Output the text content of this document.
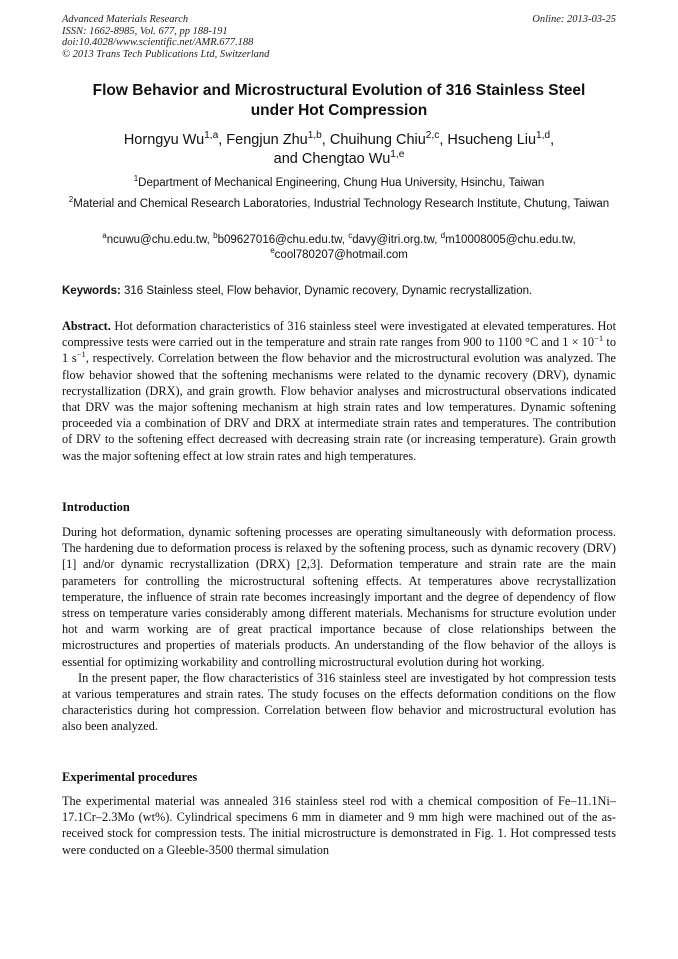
Advanced Materials Research
ISSN: 1662-8985, Vol. 677, pp 188-191
doi:10.4028/www.scientific.net/AMR.677.188
© 2013 Trans Tech Publications Ltd, Switzerland
Online: 2013-03-25
Flow Behavior and Microstructural Evolution of 316 Stainless Steel
under Hot Compression
Horngyu Wu$^{1,a}$, Fengjun Zhu$^{1,b}$, Chuihung Chiu$^{2,c}$, Hsucheng Liu$^{1,d}$,
and Chengtao Wu$^{1,e}$
$^1$Department of Mechanical Engineering, Chung Hua University, Hsinchu, Taiwan
$^2$Material and Chemical Research Laboratories, Industrial Technology Research Institute, Chutung, Taiwan
$^a$ncuwu@chu.edu.tw, $^b$b09627016@chu.edu.tw, $^c$davy@itri.org.tw, $^d$m10008005@chu.edu.tw,
$^e$cool780207@hotmail.com
Keywords: 316 Stainless steel, Flow behavior, Dynamic recovery, Dynamic recrystallization.

Abstract. Hot deformation characteristics of 316 stainless steel were investigated at elevated temperatures. Hot compressive tests were carried out in the temperature and strain rate ranges from 900 to 1100 °C and $1 \times 10^{-1}$ to 1 $s^{-1}$, respectively. Correlation between the flow behavior and the microstructural evolution was analyzed. The flow behavior showed that the softening mechanisms were related to the dynamic recovery (DRV), dynamic recrystallization (DRX), and grain growth. Flow behavior analyses and microstructural observations indicated that DRV was the major softening mechanism at high strain rates and low temperatures. Dynamic softening proceeded via a combination of DRV and DRX at intermediate strain rates and temperatures. The contribution of DRV to the softening effect decreased with decreasing strain rate (or increasing temperature). Grain growth was the major softening effect at low strain rates and high temperatures.

Introduction

During hot deformation, dynamic softening processes are operating simultaneously with deformation process. The hardening due to deformation process is relaxed by the softening process, such as dynamic recovery (DRV) [1] and/or dynamic recrystallization (DRX) [2,3]. Deformation temperature and strain rate are the main parameters for controlling the microstructural softening effects. At temperatures above recrystallization temperature, the influence of strain rate becomes increasingly important and the degree of dependency of flow stress on temperature varies considerably among different materials. Mechanisms for structure evolution under hot and warm working are of great practical importance because of close relationships between the microstructures and properties of materials products. An understanding of the flow behavior of the alloys is essential for optimizing workability and controlling microstructural evolution during hot working.

In the present paper, the flow characteristics of 316 stainless steel are investigated by hot compression tests at various temperatures and strain rates. The study focuses on the effects deformation conditions on the flow characteristics during hot compression. Correlation between flow behavior and microstructural evolution has also been analyzed.

Experimental procedures

The experimental material was annealed 316 stainless steel rod with a chemical composition of Fe–11.1Ni–17.1Cr–2.3Mo (wt%). Cylindrical specimens 6 mm in diameter and 9 mm high were machined out of the as-received stock for compression tests. The initial microstructure is demonstrated in Fig. 1. Hot compressed tests were conducted on a Gleeble-3500 thermal simulation
